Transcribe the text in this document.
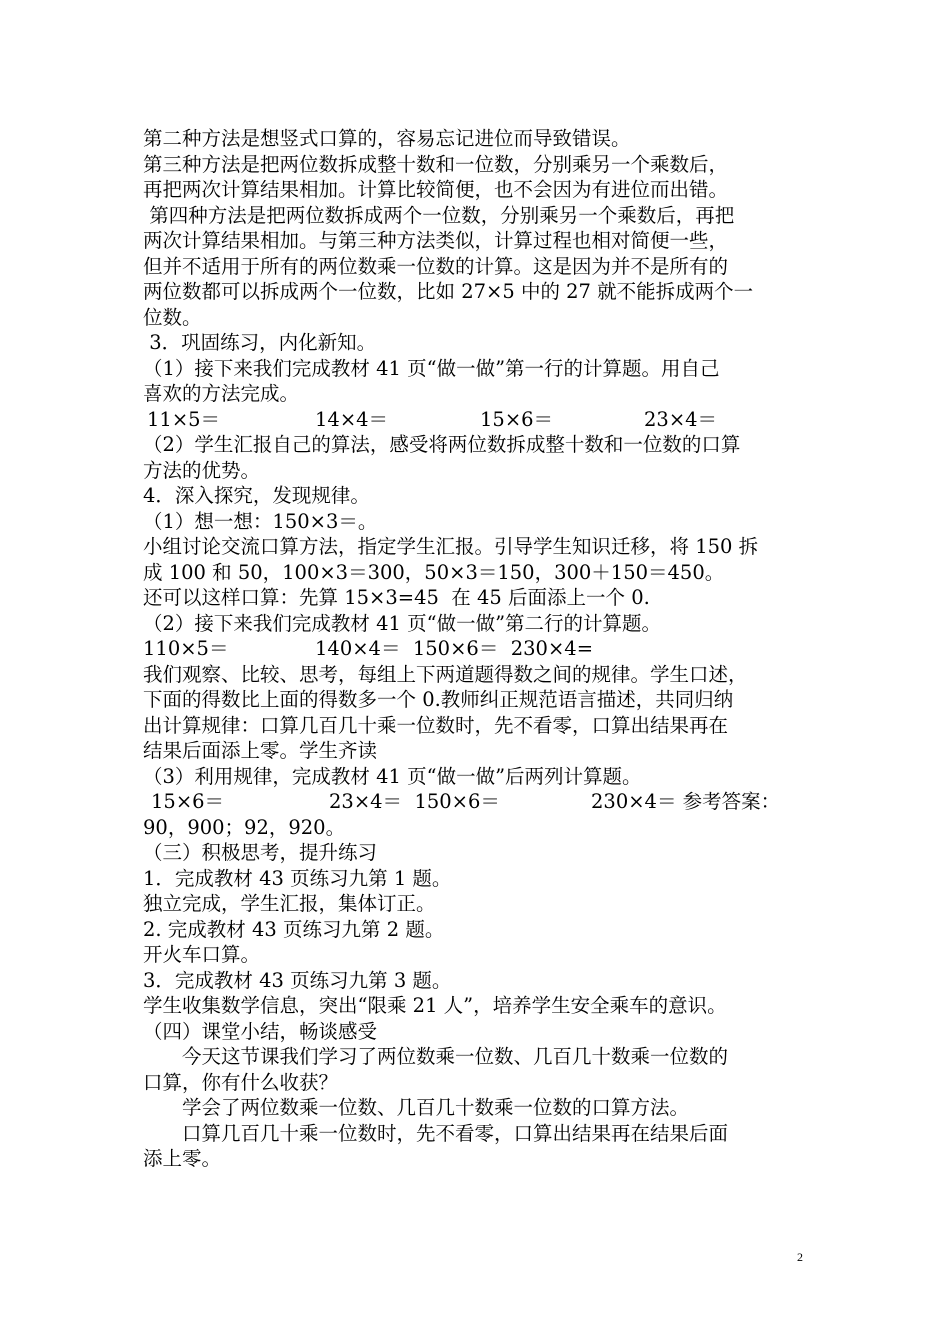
第二种方法是想竖式口算的，容易忘记进位而导致错误。
第三种方法是把两位数拆成整十数和一位数，分别乘另一个乘数后，
再把两次计算结果相加。计算比较简便，也不会因为有进位而出错。
第四种方法是把两位数拆成两个一位数，分别乘另一个乘数后，再把
两次计算结果相加。与第三种方法类似，计算过程也相对简便一些，
但并不适用于所有的两位数乘一位数的计算。这是因为并不是所有的
两位数都可以拆成两个一位数，比如 27×5 中的 27 就不能拆成两个一
位数。
3．巩固练习，内化新知。
（1）接下来我们完成教材 41 页“做一做”第一行的计算题。用自己
喜欢的方法完成。
11×5＝	14×4＝	15×6＝	23×4＝
（2）学生汇报自己的算法，感受将两位数拆成整十数和一位数的口算
方法的优势。
4．深入探究，发现规律。
（1）想一想：150×3＝。
小组讨论交流口算方法，指定学生汇报。引导学生知识迁移，将 150 拆
成 100 和 50，100×3＝300，50×3＝150，300＋150＝450。
还可以这样口算：先算 15×3=45  在 45 后面添上一个 0.
（2）接下来我们完成教材 41 页“做一做”第二行的计算题。
110×5＝	140×4＝  150×6＝  230×4=
我们观察、比较、思考，每组上下两道题得数之间的规律。学生口述，
下面的得数比上面的得数多一个 0.教师纠正规范语言描述，共同归纳
出计算规律：口算几百几十乘一位数时，先不看零，口算出结果再在
结果后面添上零。学生齐读
（3）利用规律，完成教材 41 页“做一做”后两列计算题。
15×6＝	23×4＝  150×6＝	230×4＝ 参考答案：
90，900；92，920。
（三）积极思考，提升练习
1．完成教材 43 页练习九第 1 题。
独立完成，学生汇报，集体订正。
2. 完成教材 43 页练习九第 2 题。
开火车口算。
3．完成教材 43 页练习九第 3 题。
学生收集数学信息，突出“限乘 21 人”，培养学生安全乘车的意识。
（四）课堂小结，畅谈感受
今天这节课我们学习了两位数乘一位数、几百几十数乘一位数的
口算，你有什么收获？
学会了两位数乘一位数、几百几十数乘一位数的口算方法。
口算几百几十乘一位数时，先不看零，口算出结果再在结果后面
添上零。
2
